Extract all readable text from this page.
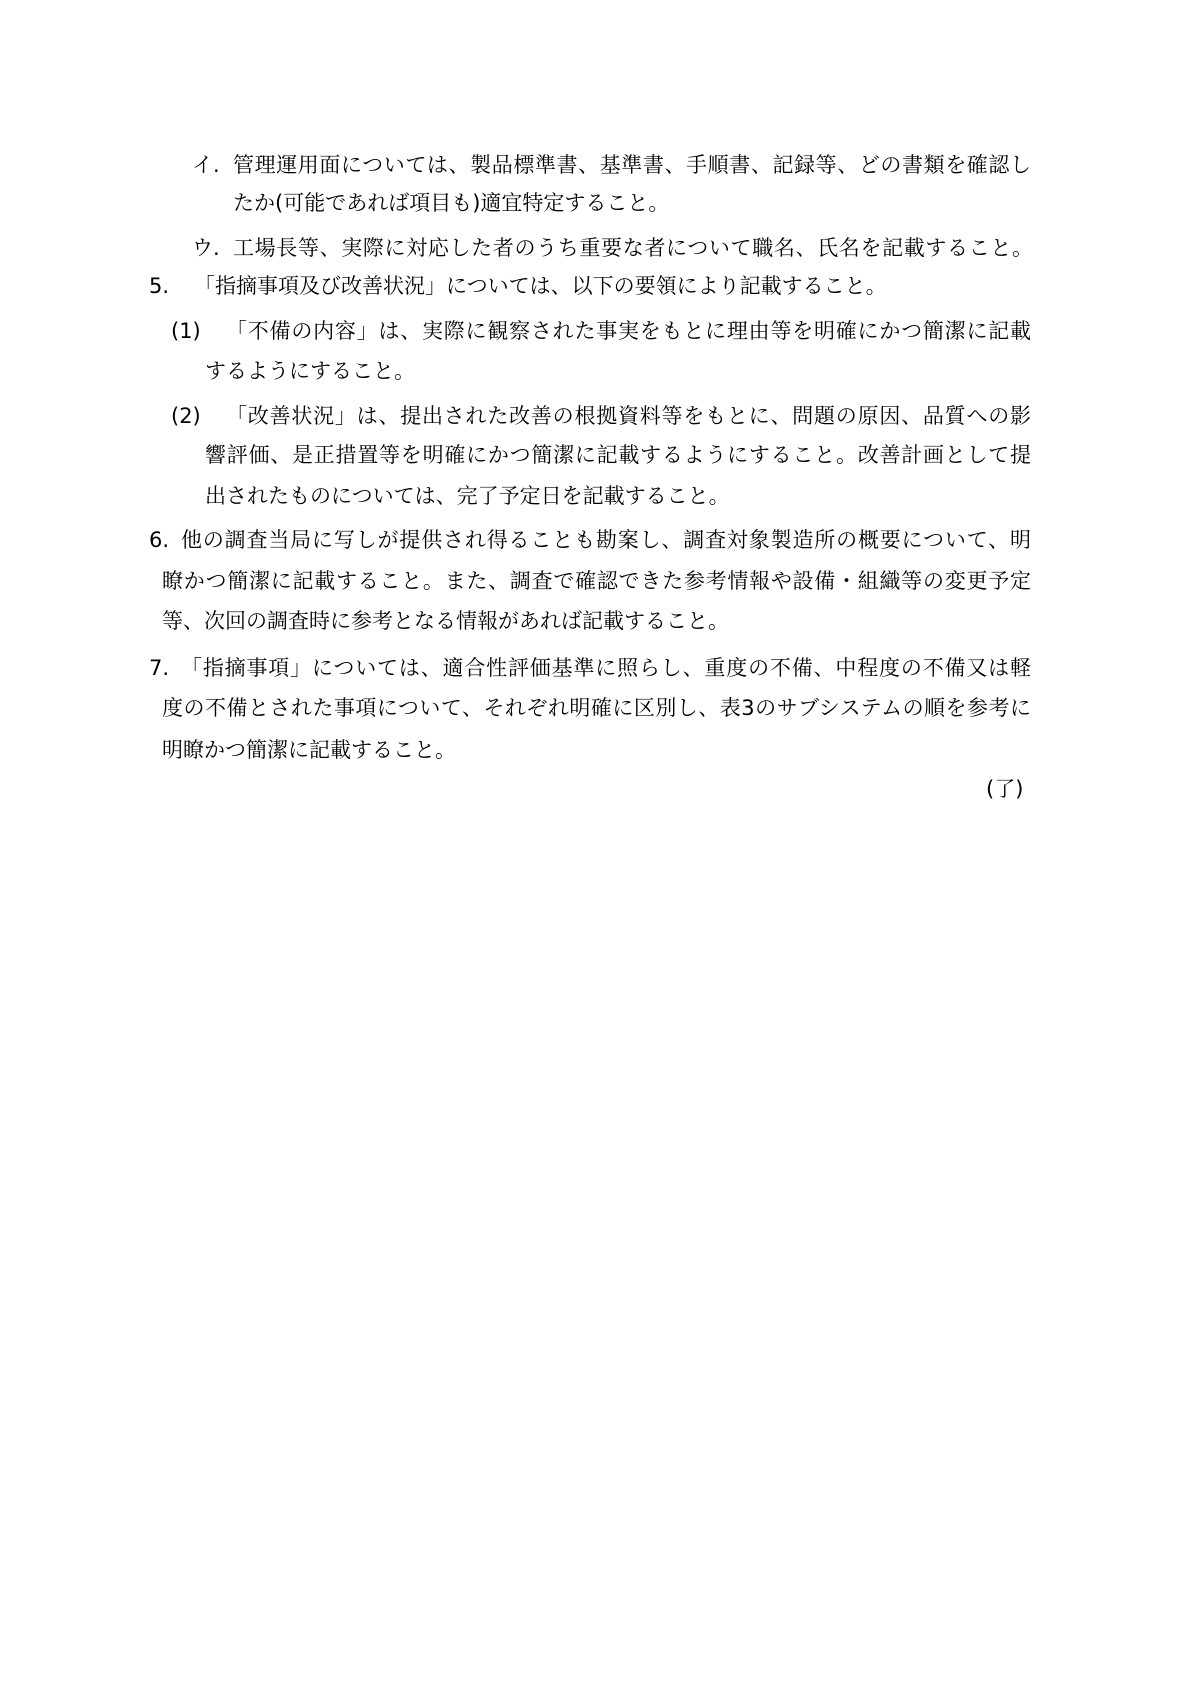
イ. 管理運用面については、製品標準書、基準書、手順書、記録等、どの書類を確認し
たか(可能であれば項目も)適宜特定すること。
ウ. 工場長等、実際に対応した者のうち重要な者について職名、氏名を記載すること。
5. 「指摘事項及び改善状況」については、以下の要領により記載すること。
(1) 「不備の内容」は、実際に観察された事実をもとに理由等を明確にかつ簡潔に記載
するようにすること。
(2) 「改善状況」は、提出された改善の根拠資料等をもとに、問題の原因、品質への影
響評価、是正措置等を明確にかつ簡潔に記載するようにすること。改善計画として提
出されたものについては、完了予定日を記載すること。
6. 他の調査当局に写しが提供され得ることも勘案し、調査対象製造所の概要について、明
瞭かつ簡潔に記載すること。また、調査で確認できた参考情報や設備・組織等の変更予定
等、次回の調査時に参考となる情報があれば記載すること。
7. 「指摘事項」については、適合性評価基準に照らし、重度の不備、中程度の不備又は軽
度の不備とされた事項について、それぞれ明確に区別し、表3のサブシステムの順を参考に
明瞭かつ簡潔に記載すること。
(了)
